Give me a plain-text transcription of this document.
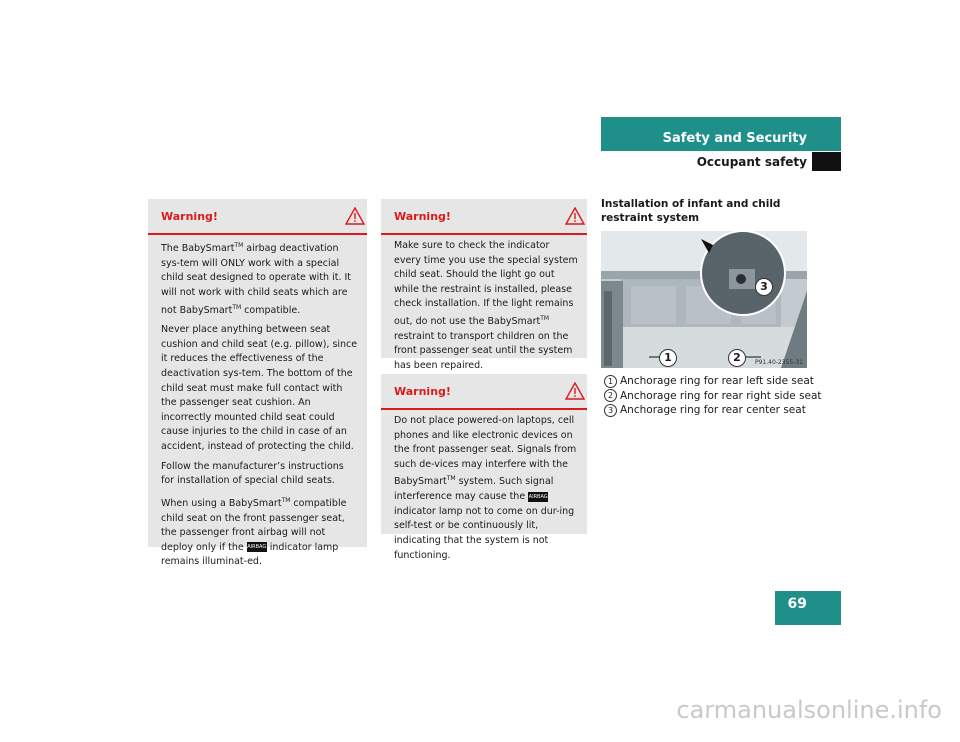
Safety and Security
Occupant safety
Warning!

The BabySmart™ airbag deactivation sys-tem will ONLY work with a special child seat designed to operate with it. It will not work with child seats which are not BabySmart™ compatible.

Never place anything between seat cushion and child seat (e.g. pillow), since it reduces the effectiveness of the deactivation sys-tem. The bottom of the child seat must make full contact with the passenger seat cushion. An incorrectly mounted child seat could cause injuries to the child in case of an accident, instead of protecting the child.

Follow the manufacturer’s instructions for installation of special child seats.

When using a BabySmart™ compatible child seat on the front passenger seat, the passenger front airbag will not deploy only if the AIRBAG indicator lamp remains illuminat-ed.

Warning!

Make sure to check the indicator every time you use the special system child seat. Should the light go out while the restraint is installed, please check installation. If the light remains out, do not use the BabySmart™ restraint to transport children on the front passenger seat until the system has been repaired.

Warning!

Do not place powered-on laptops, cell phones and like electronic devices on the front passenger seat. Signals from such de-vices may interfere with the BabySmart™ system. Such signal interference may cause the AIRBAG indicator lamp not to come on dur-ing self-test or be continuously lit, indicating that the system is not functioning.

Installation of infant and child restraint system
1	2
3
P91.40-2355-31
1 Anchorage ring for rear left side seat
2 Anchorage ring for rear right side seat
3 Anchorage ring for rear center seat
69
carmanualsonline.info
